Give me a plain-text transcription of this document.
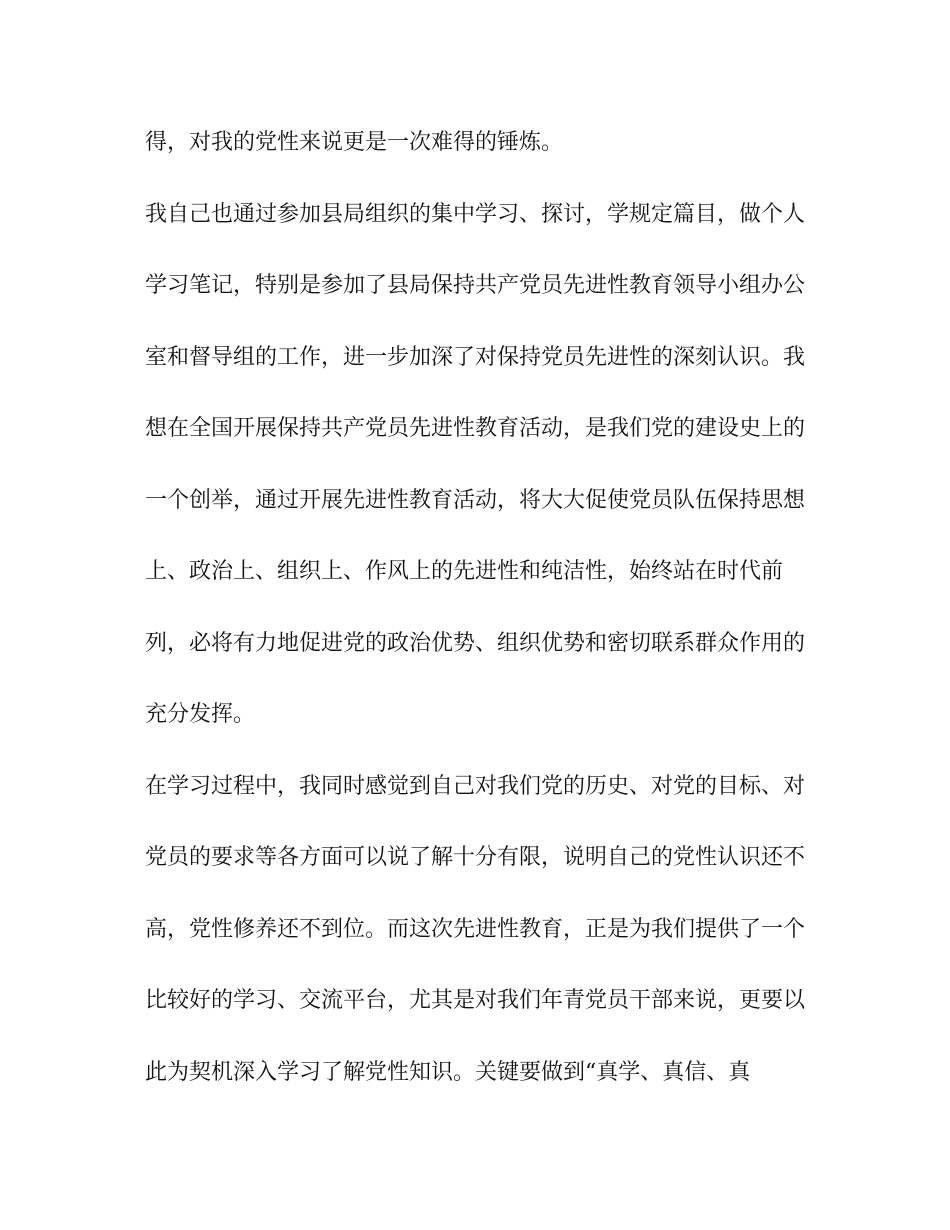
得，对我的党性来说更是一次难得的锤炼。
我自己也通过参加县局组织的集中学习、探讨，学规定篇目，做个人
学习笔记，特别是参加了县局保持共产党员先进性教育领导小组办公
室和督导组的工作，进一步加深了对保持党员先进性的深刻认识。我
想在全国开展保持共产党员先进性教育活动，是我们党的建设史上的
一个创举，通过开展先进性教育活动，将大大促使党员队伍保持思想
上、政治上、组织上、作风上的先进性和纯洁性，始终站在时代前
列，必将有力地促进党的政治优势、组织优势和密切联系群众作用的
充分发挥。
在学习过程中，我同时感觉到自己对我们党的历史、对党的目标、对
党员的要求等各方面可以说了解十分有限，说明自己的党性认识还不
高，党性修养还不到位。而这次先进性教育，正是为我们提供了一个
比较好的学习、交流平台，尤其是对我们年青党员干部来说，更要以
此为契机深入学习了解党性知识。关键要做到“真学、真信、真
